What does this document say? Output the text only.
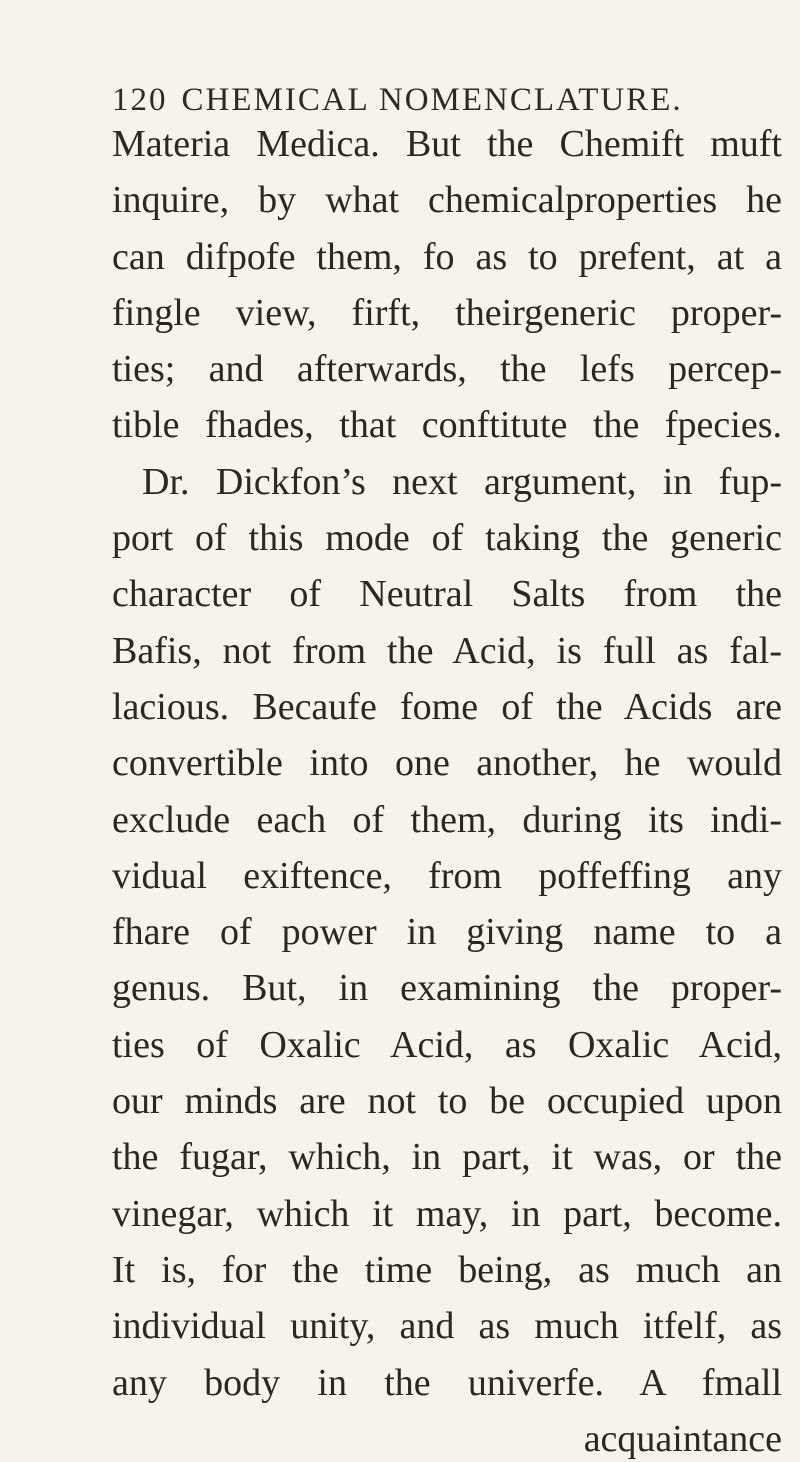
120 CHEMICAL NOMENCLATURE.
Materia Medica. But the Chemift muft
inquire, by what chemicalproperties he
can difpofe them, fo as to prefent, at a
fingle view, firft, theirgeneric proper-
ties; and afterwards, the lefs percep-
tible fhades, that conftitute the fpecies.
Dr. Dickfon’s next argument, in fup-
port of this mode of taking the generic
character of Neutral Salts from the
Bafis, not from the Acid, is full as fal-
lacious. Becaufe fome of the Acids are
convertible into one another, he would
exclude each of them, during its indi-
vidual exiftence, from poffeffing any
fhare of power in giving name to a
genus. But, in examining the proper-
ties of Oxalic Acid, as Oxalic Acid,
our minds are not to be occupied upon
the fugar, which, in part, it was, or the
vinegar, which it may, in part, become.
It is, for the time being, as much an
individual unity, and as much itfelf, as
any body in the univerfe. A fmall
acquaintance
